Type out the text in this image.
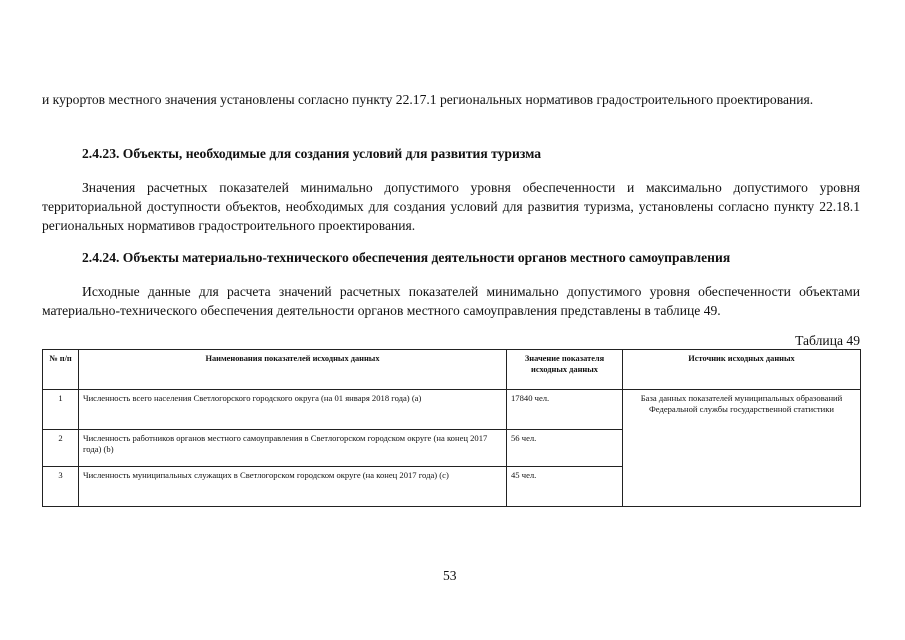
и курортов местного значения установлены согласно пункту 22.17.1 региональных нормативов градостроительного проектирования.

2.4.23. Объекты, необходимые для создания условий для развития туризма

Значения расчетных показателей минимально допустимого уровня обеспеченности и максимально допустимого уровня территориальной доступности объектов, необходимых для создания условий для развития туризма, установлены согласно пункту 22.18.1 региональных нормативов градостроительного проектирования.

2.4.24. Объекты материально-технического обеспечения деятельности органов местного самоуправления

Исходные данные для расчета значений расчетных показателей минимально допустимого уровня обеспеченности объектами материально-технического обеспечения деятельности органов местного самоуправления представлены в таблице 49.

Таблица 49
№ п/п	Наименования показателей исходных данных	Значение показателя исходных данных	Источник исходных данных
1	Численность всего населения Светлогорского городского округа (на 01 января 2018 года) (а)	17840 чел.	База данных показателей муниципальных образований Федеральной службы государственной статистики
2	Численность работников органов местного самоуправления в Светлогорском городском округе (на конец 2017 года) (b)	56 чел.	
3	Численность муниципальных служащих в Светлогорском городском округе (на конец 2017 года) (c)	45 чел.	
53
